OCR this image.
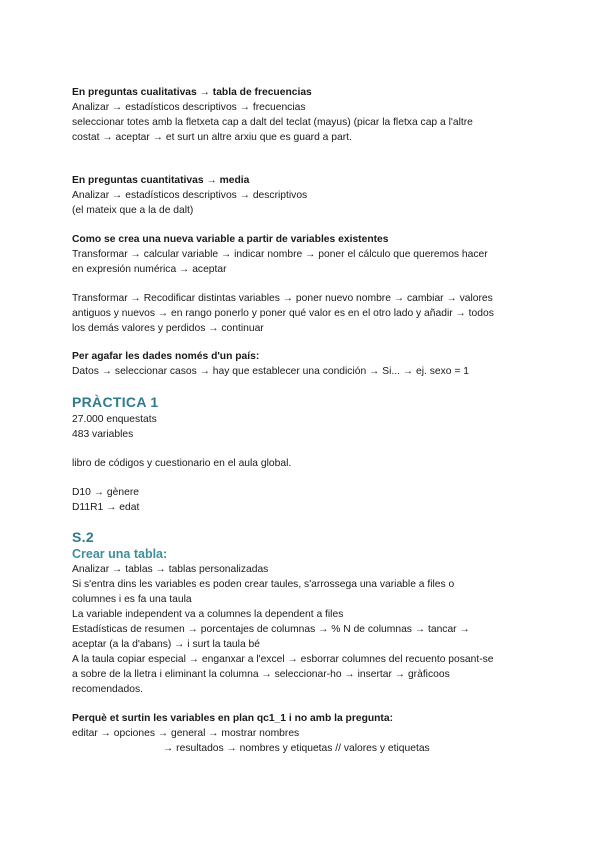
En preguntas cualitativas → tabla de frecuencias
Analizar → estadísticos descriptivos → frecuencias
seleccionar totes amb la fletxeta cap a dalt del teclat (mayus) (picar la fletxa cap a l'altre
costat → aceptar → et surt un altre arxiu que es guard a part.
En preguntas cuantitativas → media
Analizar → estadísticos descriptivos → descriptivos
(el mateix que a la de dalt)
Como se crea una nueva variable a partir de variables existentes
Transformar → calcular variable → indicar nombre → poner el cálculo que queremos hacer
en expresión numérica → aceptar
Transformar → Recodificar distintas variables → poner nuevo nombre → cambiar → valores
antiguos y nuevos → en rango ponerlo y poner qué valor es en el otro lado y añadir → todos
los demás valores y perdidos → continuar
Per agafar les dades només d'un país:
Datos → seleccionar casos → hay que establecer una condición → Si... → ej. sexo = 1
PRÀCTICA 1
27.000 enquestats
483 variables
libro de códigos y cuestionario en el aula global.
D10 → gènere
D11R1 → edat
S.2
Crear una tabla:
Analizar → tablas → tablas personalizadas
Si s'entra dins les variables es poden crear taules, s'arrossega una variable a files o
columnes i es fa una taula
La variable independent va a columnes la dependent a files
Estadísticas de resumen → porcentajes de columnas → % N de columnas → tancar →
aceptar (a la d'abans) → i surt la taula bé
A la taula copiar especial → enganxar a l'excel → esborrar columnes del recuento posant-se
a sobre de la lletra i eliminant la columna → seleccionar-ho → insertar → gràficoos
recomendados.
Perquè et surtin les variables en plan qc1_1 i no amb la pregunta:
editar → opciones → general → mostrar nombres
→ resultados → nombres y etiquetas // valores y etiquetas
